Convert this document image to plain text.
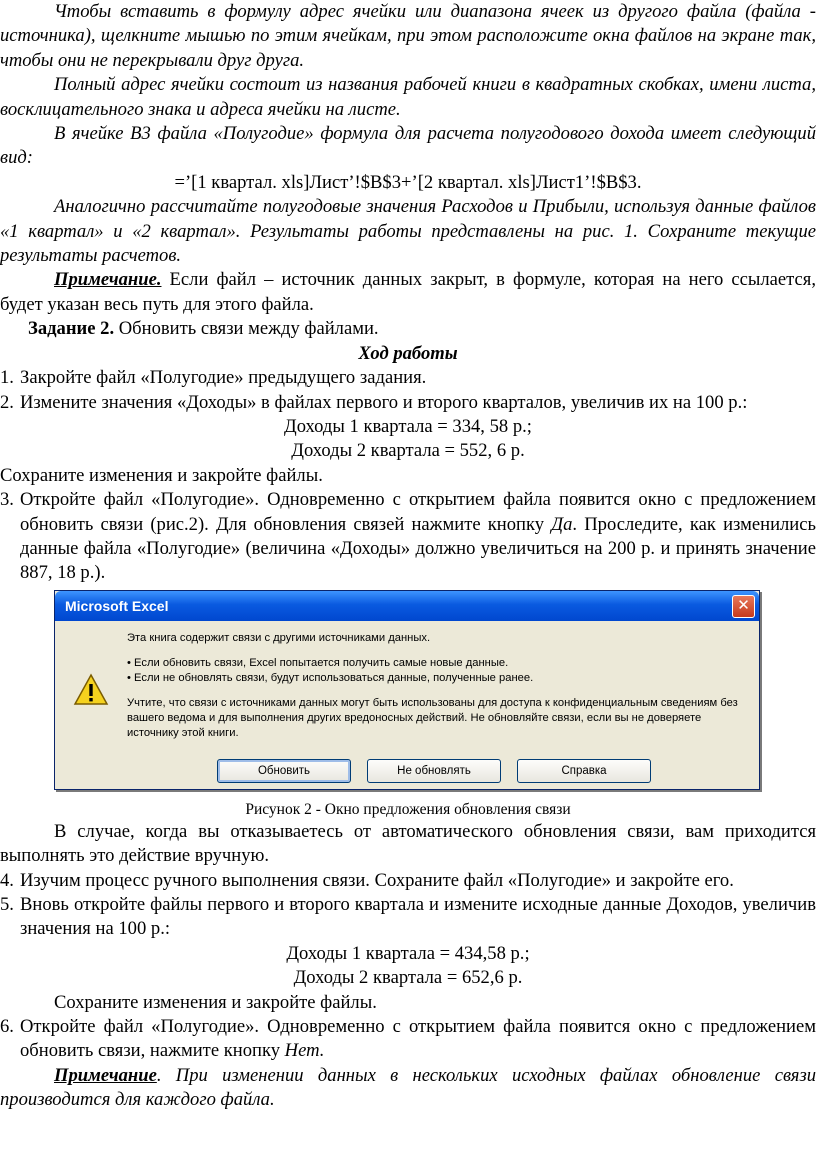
Чтобы вставить в формулу адрес ячейки или диапазона ячеек из другого файла (файла - источника), щелкните мышью по этим ячейкам, при этом расположите окна файлов на экране так, чтобы они не перекрывали друг друга.

Полный адрес ячейки состоит из названия рабочей книги в квадратных скобках, имени листа, восклицательного знака и адреса ячейки на листе.

В ячейке В3 файла «Полугодие» формула для расчета полугодового дохода имеет следующий вид:

=’[1 квартал. xls]Лист’!$B$3+’[2 квартал. xls]Лист1’!$B$3.

Аналогично рассчитайте полугодовые значения Расходов и Прибыли, используя данные файлов «1 квартал» и «2 квартал». Результаты работы представлены на рис. 1. Сохраните текущие результаты расчетов.

Примечание. Если файл – источник данных закрыт, в формуле, которая на него ссылается, будет указан весь путь для этого файла.

Задание 2. Обновить связи между файлами.

Ход работы

1. Закройте файл «Полугодие» предыдущего задания.

2. Измените значения «Доходы» в файлах первого и второго кварталов, увеличив их на 100 р.:

Доходы 1 квартала = 334, 58 р.;

Доходы 2 квартала = 552, 6 р.

Сохраните изменения и закройте файлы.

3. Откройте файл «Полугодие». Одновременно с открытием файла появится окно с предложением обновить связи (рис.2). Для обновления связей нажмите кнопку Да. Проследите, как изменились данные файла «Полугодие» (величина «Доходы» должно увеличиться на 200 р. и принять значение 887, 18 р.).

Microsoft Excel	✕
Эта книга содержит связи с другими источниками данных.
• Если обновить связи, Excel попытается получить самые новые данные.
• Если не обновлять связи, будут использоваться данные, полученные ранее.
Учтите, что связи с источниками данных могут быть использованы для доступа к конфиденциальным сведениям без вашего ведома и для выполнения других вредоносных действий. Не обновляйте связи, если вы не доверяете источнику этой книги.
Обновить	Не обновлять	Справка

Рисунок 2 - Окно предложения обновления связи

В случае, когда вы отказываетесь от автоматического обновления связи, вам приходится выполнять это действие вручную.

4. Изучим процесс ручного выполнения связи. Сохраните файл «Полугодие» и закройте его.

5. Вновь откройте файлы первого и второго квартала и измените исходные данные Доходов, увеличив значения на 100 р.:

Доходы 1 квартала = 434,58 р.;

Доходы 2 квартала = 652,6 р.

Сохраните изменения и закройте файлы.

6. Откройте файл «Полугодие». Одновременно с открытием файла появится окно с предложением обновить связи, нажмите кнопку Нет.

Примечание. При изменении данных в нескольких исходных файлах обновление связи производится для каждого файла.
